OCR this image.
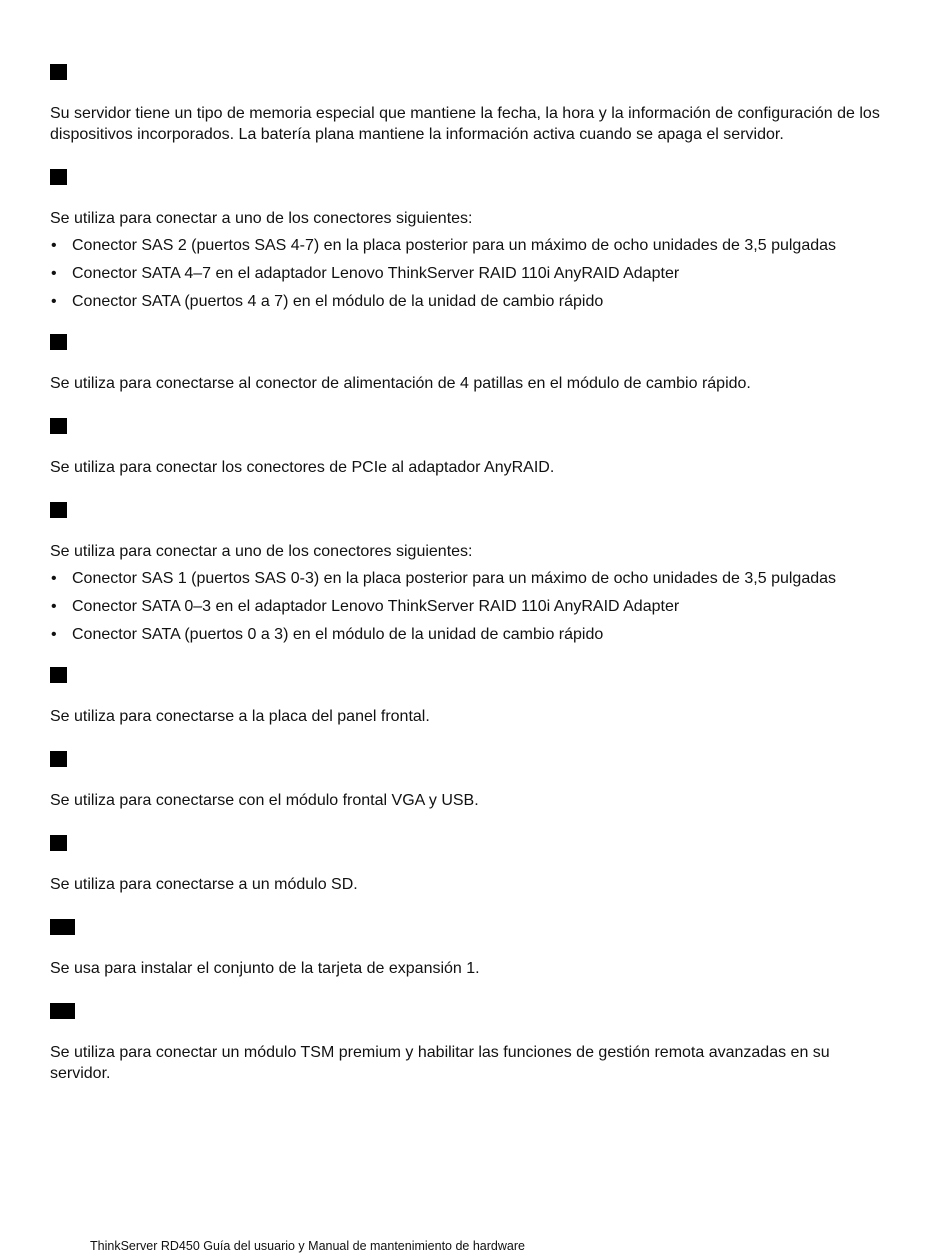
Su servidor tiene un tipo de memoria especial que mantiene la fecha, la hora y la información de configuración de los dispositivos incorporados. La batería plana mantiene la información activa cuando se apaga el servidor.

Se utiliza para conectar a uno de los conectores siguientes:

• Conector SAS 2 (puertos SAS 4-7) en la placa posterior para un máximo de ocho unidades de 3,5 pulgadas
• Conector SATA 4–7 en el adaptador Lenovo ThinkServer RAID 110i AnyRAID Adapter
• Conector SATA (puertos 4 a 7) en el módulo de la unidad de cambio rápido

Se utiliza para conectarse al conector de alimentación de 4 patillas en el módulo de cambio rápido.

Se utiliza para conectar los conectores de PCIe al adaptador AnyRAID.

Se utiliza para conectar a uno de los conectores siguientes:

• Conector SAS 1 (puertos SAS 0-3) en la placa posterior para un máximo de ocho unidades de 3,5 pulgadas
• Conector SATA 0–3 en el adaptador Lenovo ThinkServer RAID 110i AnyRAID Adapter
• Conector SATA (puertos 0 a 3) en el módulo de la unidad de cambio rápido

Se utiliza para conectarse a la placa del panel frontal.

Se utiliza para conectarse con el módulo frontal VGA y USB.

Se utiliza para conectarse a un módulo SD.

Se usa para instalar el conjunto de la tarjeta de expansión 1.

Se utiliza para conectar un módulo TSM premium y habilitar las funciones de gestión remota avanzadas en su servidor.

ThinkServer RD450 Guía del usuario y Manual de mantenimiento de hardware
